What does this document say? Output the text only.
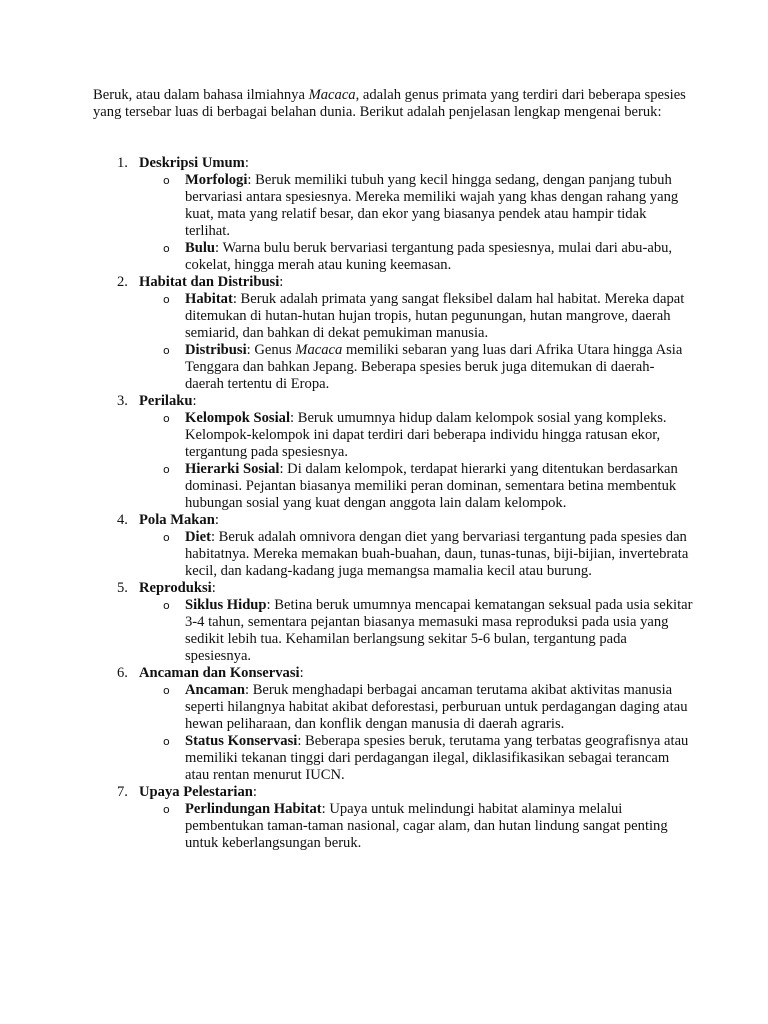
Beruk, atau dalam bahasa ilmiahnya Macaca, adalah genus primata yang terdiri dari beberapa spesies yang tersebar luas di berbagai belahan dunia. Berikut adalah penjelasan lengkap mengenai beruk:

1. Deskripsi Umum:
o Morfologi: Beruk memiliki tubuh yang kecil hingga sedang, dengan panjang tubuh bervariasi antara spesiesnya. Mereka memiliki wajah yang khas dengan rahang yang kuat, mata yang relatif besar, dan ekor yang biasanya pendek atau hampir tidak terlihat.
o Bulu: Warna bulu beruk bervariasi tergantung pada spesiesnya, mulai dari abu-abu, cokelat, hingga merah atau kuning keemasan.
2. Habitat dan Distribusi:
o Habitat: Beruk adalah primata yang sangat fleksibel dalam hal habitat. Mereka dapat ditemukan di hutan-hutan hujan tropis, hutan pegunungan, hutan mangrove, daerah semiarid, dan bahkan di dekat pemukiman manusia.
o Distribusi: Genus Macaca memiliki sebaran yang luas dari Afrika Utara hingga Asia Tenggara dan bahkan Jepang. Beberapa spesies beruk juga ditemukan di daerah-daerah tertentu di Eropa.
3. Perilaku:
o Kelompok Sosial: Beruk umumnya hidup dalam kelompok sosial yang kompleks. Kelompok-kelompok ini dapat terdiri dari beberapa individu hingga ratusan ekor, tergantung pada spesiesnya.
o Hierarki Sosial: Di dalam kelompok, terdapat hierarki yang ditentukan berdasarkan dominasi. Pejantan biasanya memiliki peran dominan, sementara betina membentuk hubungan sosial yang kuat dengan anggota lain dalam kelompok.
4. Pola Makan:
o Diet: Beruk adalah omnivora dengan diet yang bervariasi tergantung pada spesies dan habitatnya. Mereka memakan buah-buahan, daun, tunas-tunas, biji-bijian, invertebrata kecil, dan kadang-kadang juga memangsa mamalia kecil atau burung.
5. Reproduksi:
o Siklus Hidup: Betina beruk umumnya mencapai kematangan seksual pada usia sekitar 3-4 tahun, sementara pejantan biasanya memasuki masa reproduksi pada usia yang sedikit lebih tua. Kehamilan berlangsung sekitar 5-6 bulan, tergantung pada spesiesnya.
6. Ancaman dan Konservasi:
o Ancaman: Beruk menghadapi berbagai ancaman terutama akibat aktivitas manusia seperti hilangnya habitat akibat deforestasi, perburuan untuk perdagangan daging atau hewan peliharaan, dan konflik dengan manusia di daerah agraris.
o Status Konservasi: Beberapa spesies beruk, terutama yang terbatas geografisnya atau memiliki tekanan tinggi dari perdagangan ilegal, diklasifikasikan sebagai terancam atau rentan menurut IUCN.
7. Upaya Pelestarian:
o Perlindungan Habitat: Upaya untuk melindungi habitat alaminya melalui pembentukan taman-taman nasional, cagar alam, dan hutan lindung sangat penting untuk keberlangsungan beruk.
